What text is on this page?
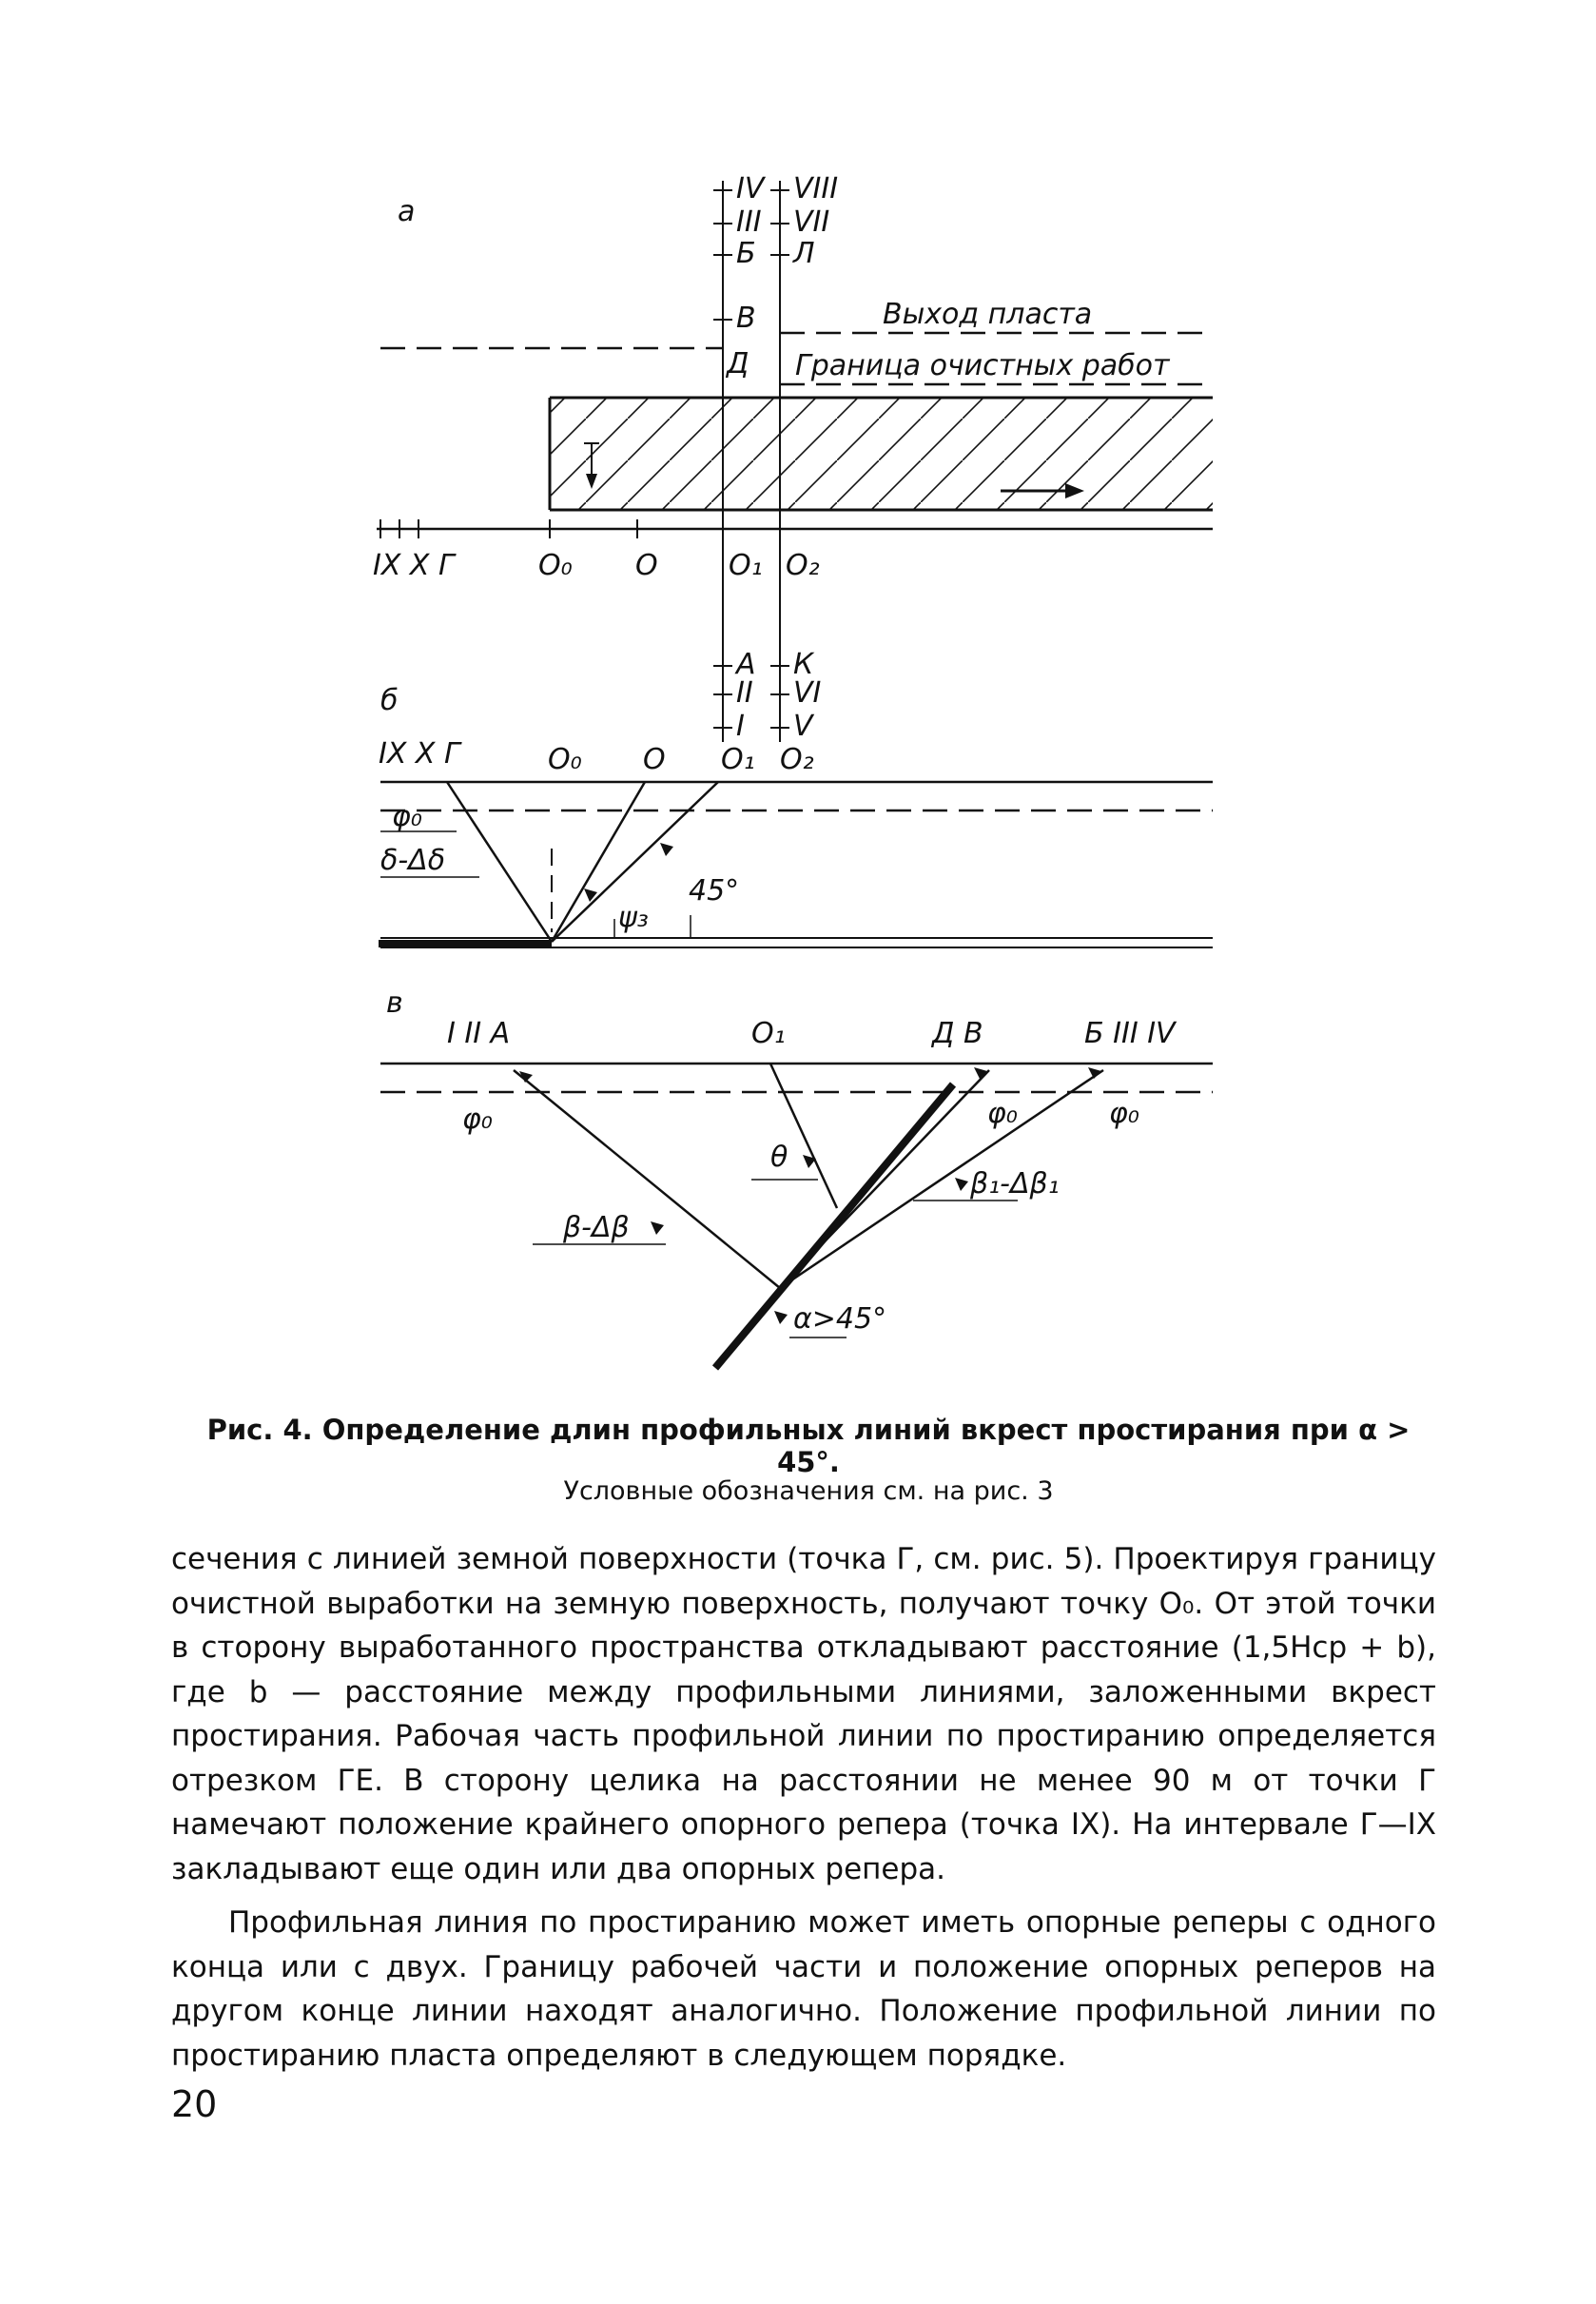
а
IV
III
Б
В
Д
VIII
VII
Л
Выход пласта
Граница очистных работ
IX X Г	O₀ O O₁ O₂
А
II
I
К
VI
V
б
IX X Г	O₀ O O₁ O₂
φ₀
δ-Δδ
ψ₃
45°
в
I II А	O₁	Д В	Б III IV
φ₀	φ₀	φ₀
θ
β-Δβ
β₁-Δβ₁
α>45°
Рис. 4. Определение длин профильных линий вкрест простирания при α > 45°.
Условные обозначения см. на рис. 3

сечения с линией земной поверхности (точка Г, см. рис. 5). Проектируя границу очистной выработки на земную поверхность, получают точку O₀. От этой точки в сторону выработанного пространства откладывают расстояние (1,5Hср + b), где b — расстояние между профильными линиями, заложенными вкрест простирания. Рабочая часть профильной линии по простиранию определяется отрезком ГЕ. В сторону целика на расстоянии не менее 90 м от точки Г намечают положение крайнего опорного репера (точка IX). На интервале Г—IX закладывают еще один или два опорных репера.

Профильная линия по простиранию может иметь опорные реперы с одного конца или с двух. Границу рабочей части и положение опорных реперов на другом конце линии находят аналогично. Положение профильной линии по простиранию пласта определяют в следующем порядке.

20
